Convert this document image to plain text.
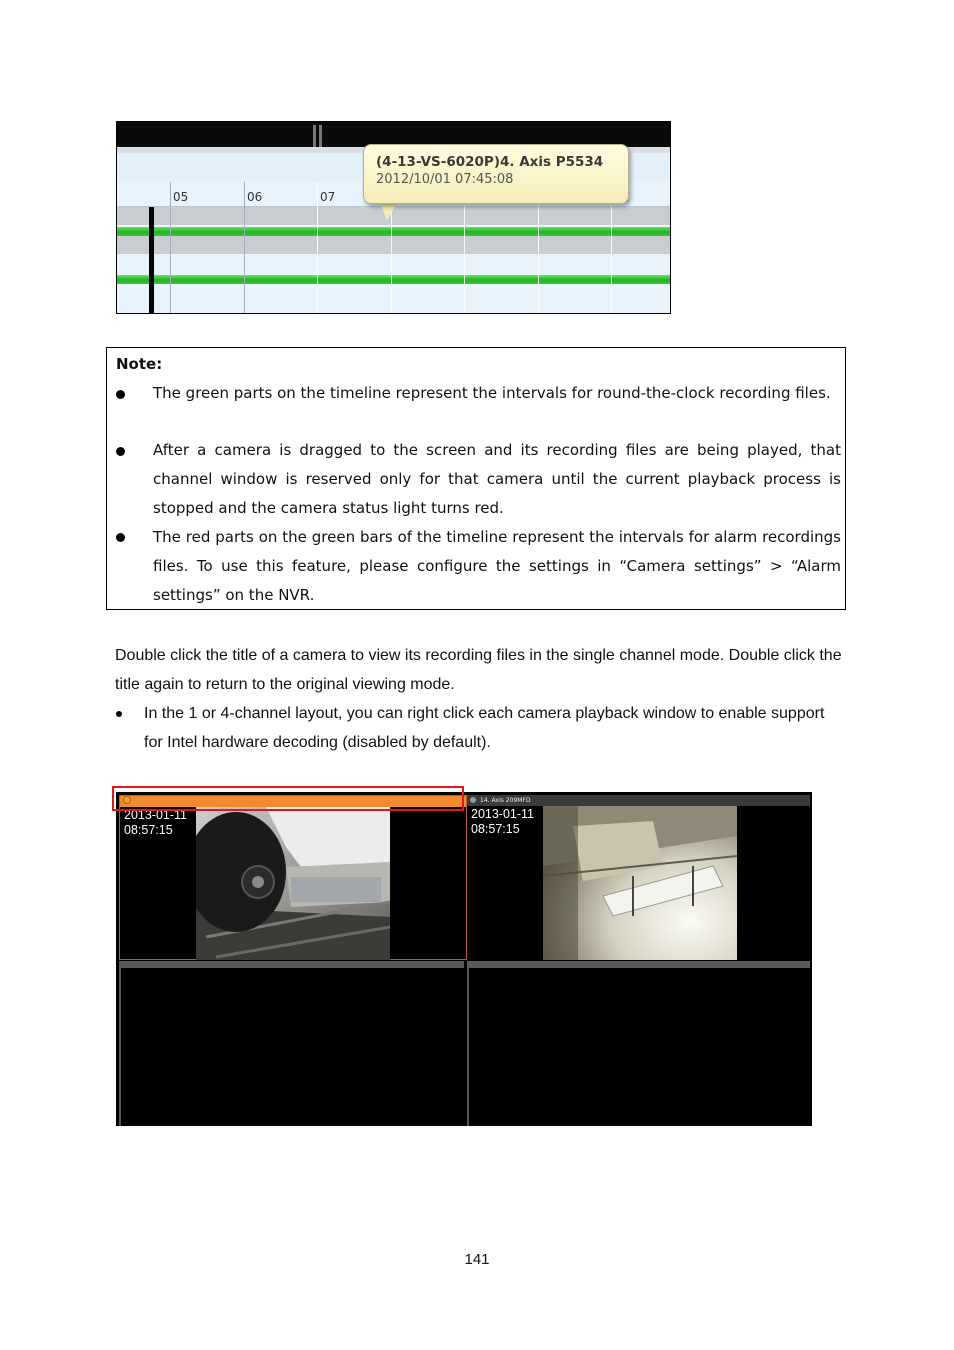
05	06	07
(4-13-VS-6020P)4. Axis P5534
2012/10/01 07:45:08
Note:

The green parts on the timeline represent the intervals for round-the-clock recording files.

After a camera is dragged to the screen and its recording files are being played, that channel window is reserved only for that camera until the current playback process is stopped and the camera status light turns red.

The red parts on the green bars of the timeline represent the intervals for alarm recordings files. To use this feature, please configure the settings in “Camera settings” > “Alarm settings” on the NVR.

Double click the title of a camera to view its recording files in the single channel mode. Double click the title again to return to the original viewing mode.

In the 1 or 4-channel layout, you can right click each camera playback window to enable support for Intel hardware decoding (disabled by default).

2013-01-11
08:57:15
14. Axis 209MFD
2013-01-11
08:57:15
141
